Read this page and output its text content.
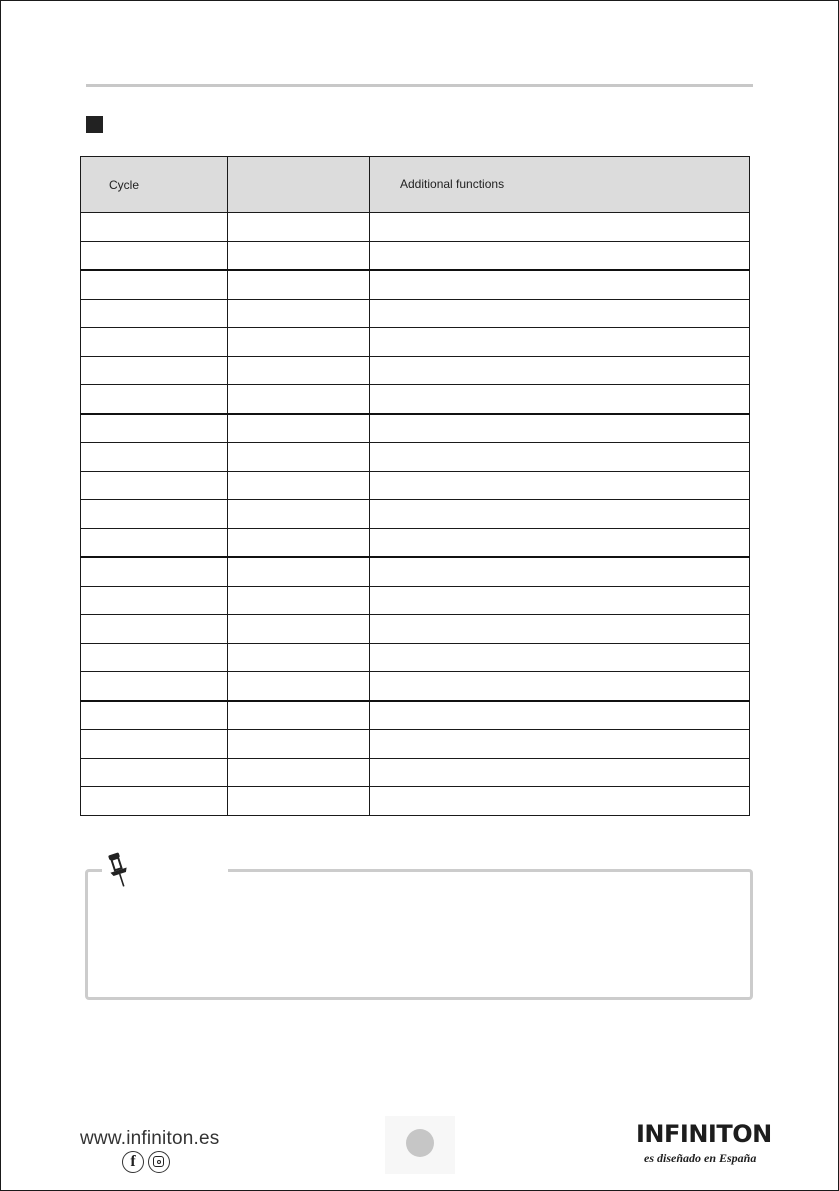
Cycle		Additional functions

www.infiniton.es
f
INFINITON
es diseñado en España
